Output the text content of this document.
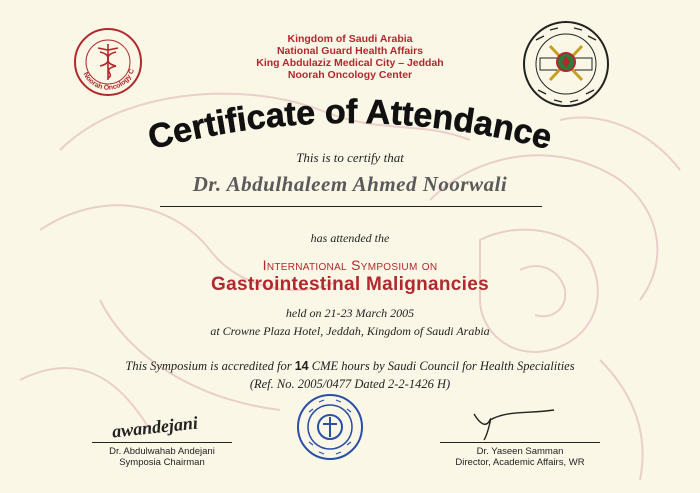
Noorah Oncology C
Kingdom of Saudi Arabia
National Guard Health Affairs
King Abdulaziz Medical City – Jeddah
Noorah Oncology Center
Certificate of Attendance
This is to certify that
Dr. Abdulhaleem Ahmed Noorwali
has attended the
International Symposium on
Gastrointestinal Malignancies
held on 21-23 March 2005
at Crowne Plaza Hotel, Jeddah, Kingdom of Saudi Arabia
This Symposium is accredited for 14 CME hours by Saudi Council for Health Specialities
(Ref. No. 2005/0477 Dated 2-2-1426 H)
awandejani
Dr. Abdulwahab Andejani
Symposia Chairman
Dr. Yaseen Samman
Director, Academic Affairs, WR
